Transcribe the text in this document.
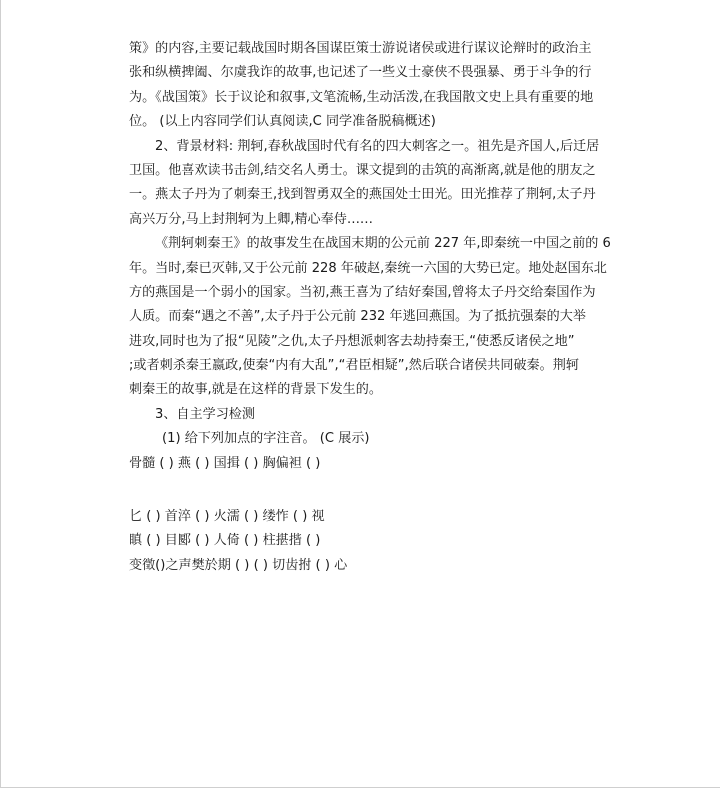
策》的内容,主要记载战国时期各国谋臣策士游说诸侯或进行谋议论辩时的政治主
张和纵横捭阖、尔虞我诈的故事,也记述了一些义士豪侠不畏强暴、勇于斗争的行
为。《战国策》长于议论和叙事,文笔流畅,生动活泼,在我国散文史上具有重要的地
位。 (以上内容同学们认真阅读,C 同学准备脱稿概述)
2、背景材料: 荆轲,春秋战国时代有名的四大刺客之一。祖先是齐国人,后迁居
卫国。他喜欢读书击剑,结交名人勇士。课文提到的击筑的高渐离,就是他的朋友之
一。燕太子丹为了刺秦王,找到智勇双全的燕国处士田光。田光推荐了荆轲,太子丹
高兴万分,马上封荆轲为上卿,精心奉侍……
《荆轲刺秦王》的故事发生在战国末期的公元前 227 年,即秦统一中国之前的 6
年。当时,秦已灭韩,又于公元前 228 年破赵,秦统一六国的大势已定。地处赵国东北
方的燕国是一个弱小的国家。当初,燕王喜为了结好秦国,曾将太子丹交给秦国作为
人质。而秦“遇之不善”,太子丹于公元前 232 年逃回燕国。为了抵抗强秦的大举
进攻,同时也为了报“见陵”之仇,太子丹想派刺客去劫持秦王,“使悉反诸侯之地”
;或者刺杀秦王嬴政,使秦“内有大乱”,“君臣相疑”,然后联合诸侯共同破秦。荆轲
刺秦王的故事,就是在这样的背景下发生的。
3、自主学习检测
(1) 给下列加点的字注音。 (C 展示)
骨髓 ( ) 燕 ( ) 国揖 ( ) 胸偏袒 ( )
匕 ( ) 首淬 ( ) 火濡 ( ) 缕怍 ( ) 视
瞋 ( ) 目郾 ( ) 人倚 ( ) 柱揕揩 ( )
变徵()之声樊於期 ( ) ( ) 切齿拊 ( ) 心
